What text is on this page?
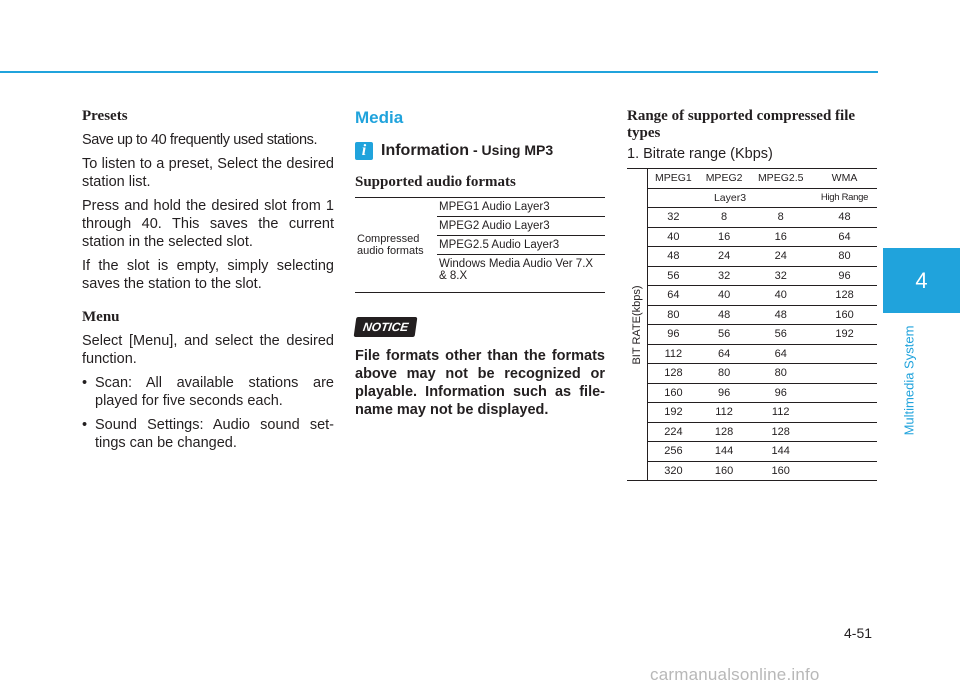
Presets

Save up to 40 frequently used stations.

To listen to a preset, Select the desired station list.

Press and hold the desired slot from 1 through 40. This saves the current station in the selected slot.

If the slot is empty, simply selecting saves the station to the slot.

Menu

Select [Menu], and select the desired function.

• Scan: All available stations are played for five seconds each.
• Sound Settings: Audio sound set-tings can be changed.
Media
i Information - Using MP3
Supported audio formats
Compressed audio formats	MPEG1 Audio Layer3
MPEG2 Audio Layer3
MPEG2.5 Audio Layer3
Windows Media Audio Ver 7.X & 8.X
NOTICE
File formats other than the formats above may not be recognized or playable. Information such as file-name may not be displayed.
Range of supported compressed file types

1. Bitrate range (Kbps)

BIT RATE(kbps)	MPEG1	MPEG2	MPEG2.5	WMA
	Layer3			High Range
	32	8	8	48
	40	16	16	64
	48	24	24	80
	56	32	32	96
	64	40	40	128
	80	48	48	160
	96	56	56	192
	112	64	64	
	128	80	80	
	160	96	96	
	192	112	112	
	224	128	128	
	256	144	144	
	320	160	160	
4
Multimedia System
4-51
carmanualsonline.info
